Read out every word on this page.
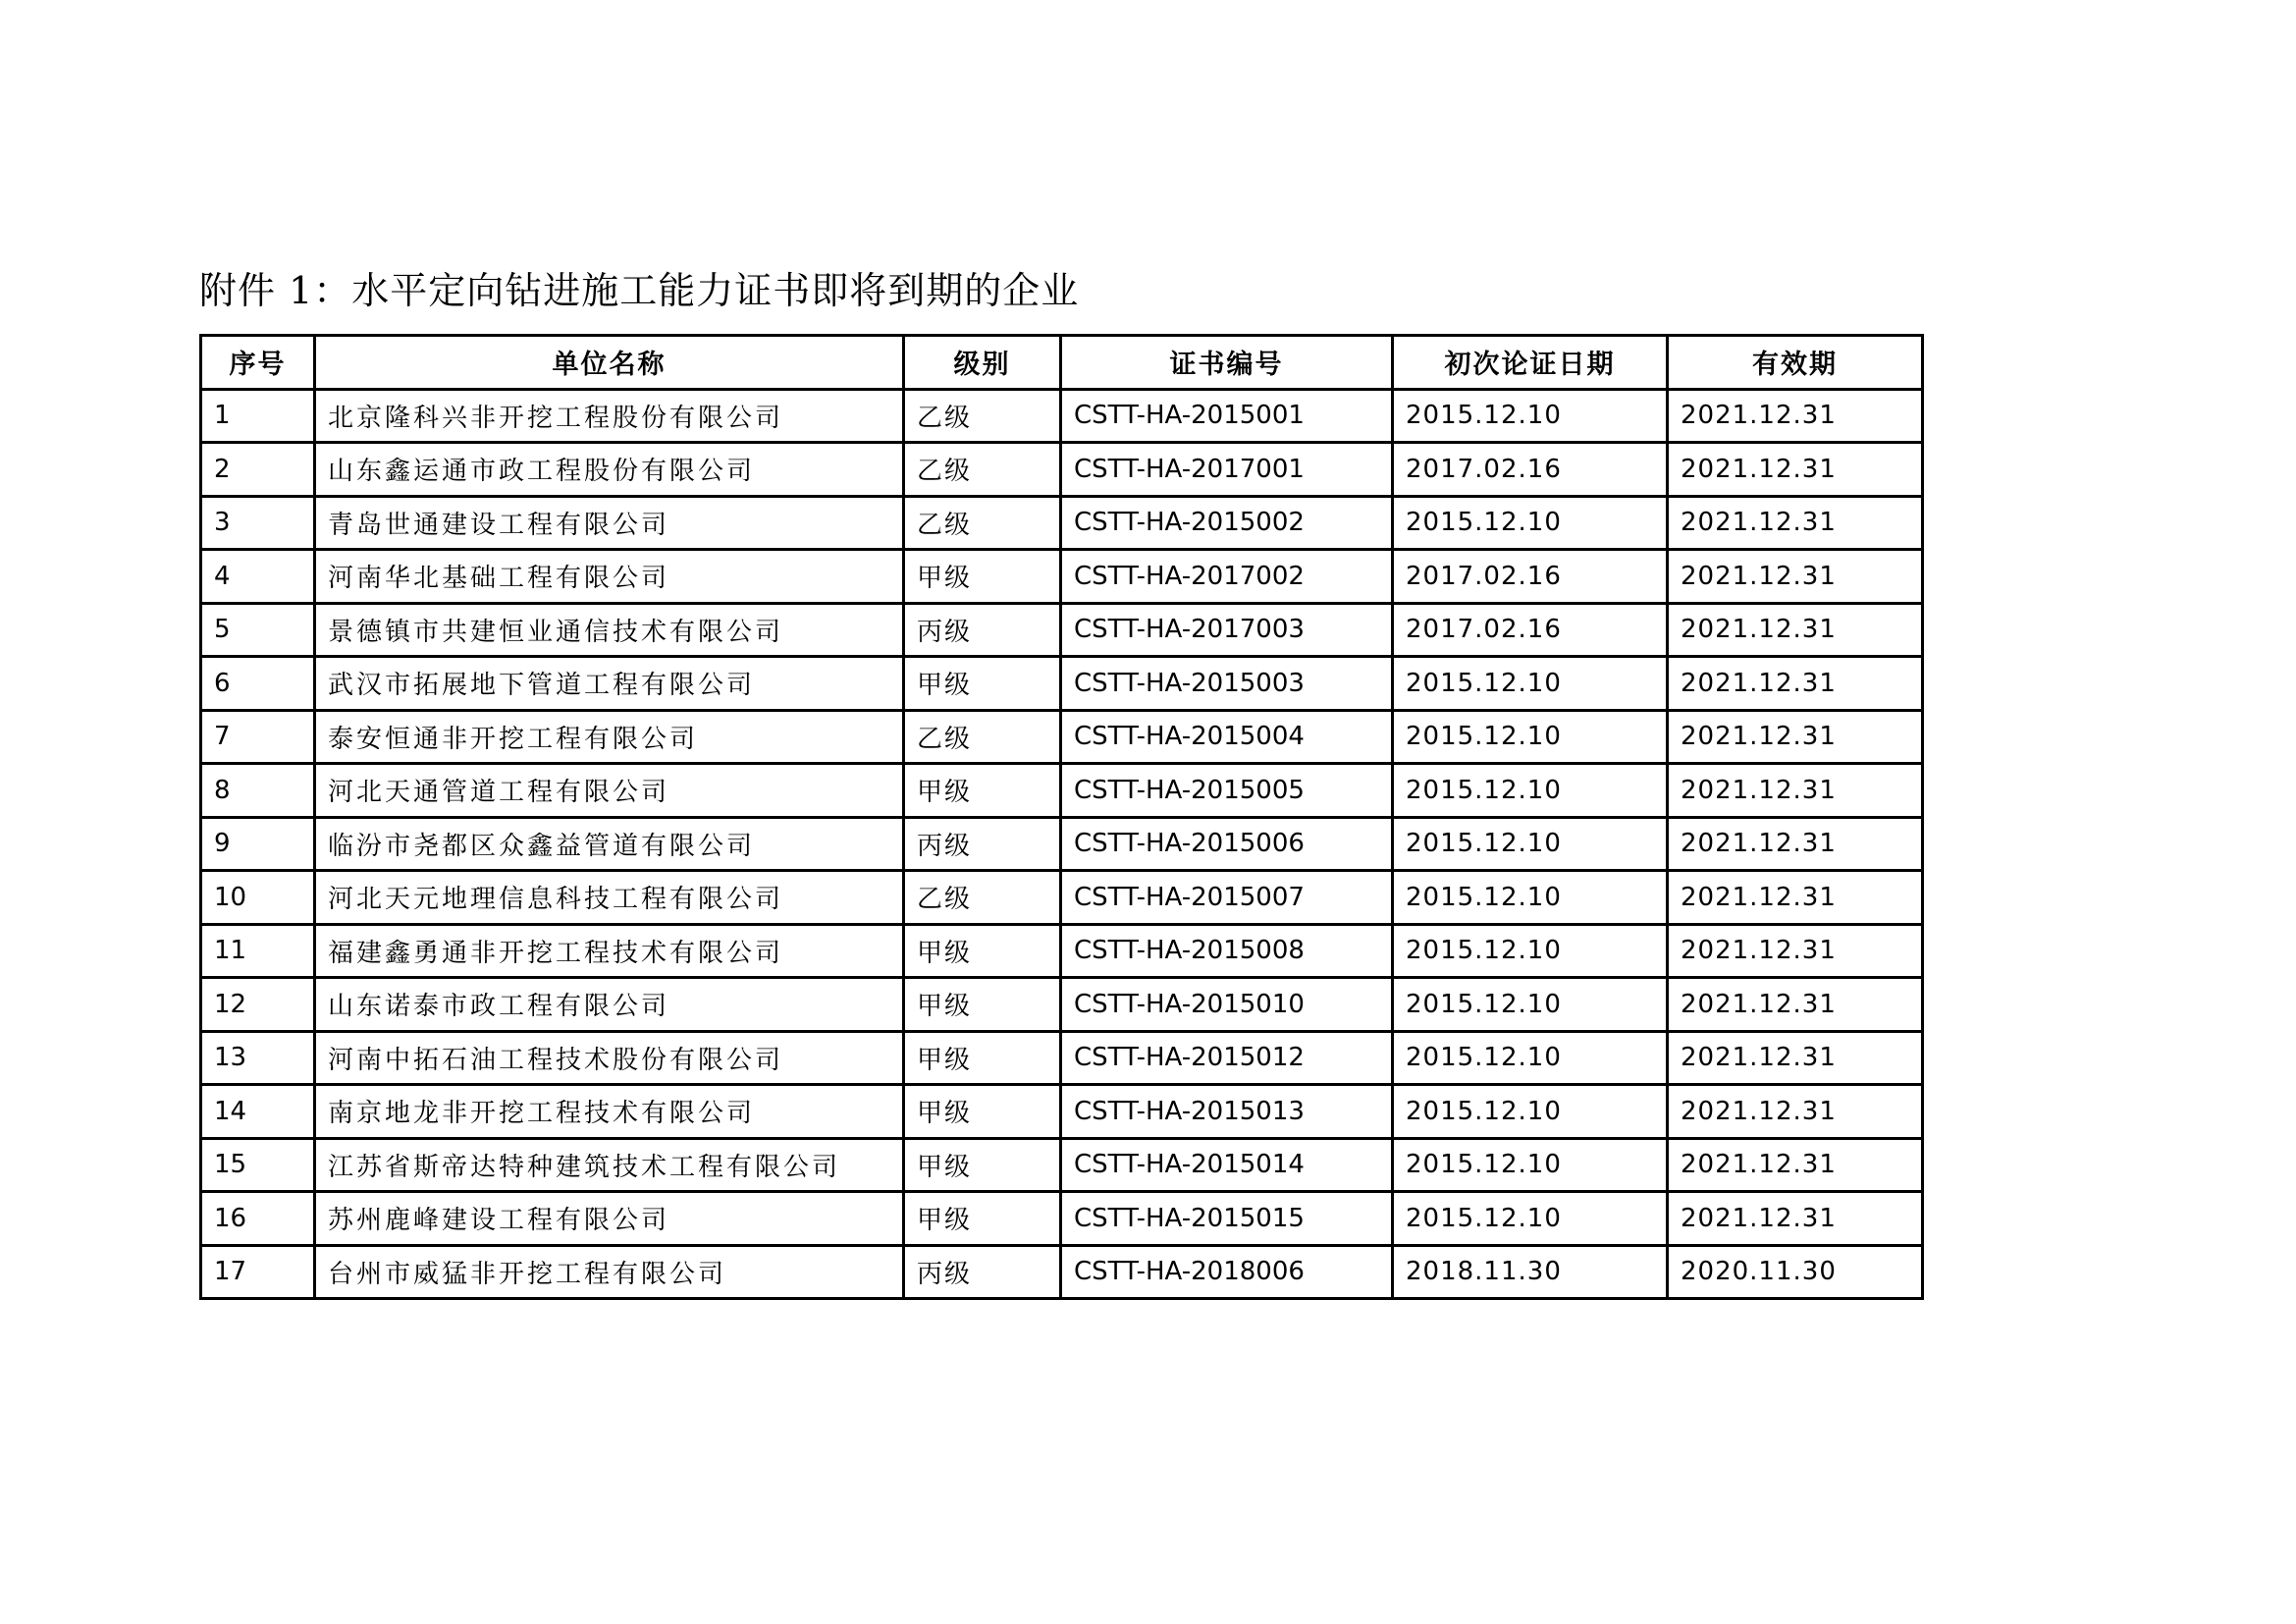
附件 1：水平定向钻进施工能力证书即将到期的企业
序号	单位名称	级别	证书编号	初次论证日期	有效期
1	北京隆科兴非开挖工程股份有限公司	乙级	CSTT-HA-2015001	2015.12.10	2021.12.31
2	山东鑫运通市政工程股份有限公司	乙级	CSTT-HA-2017001	2017.02.16	2021.12.31
3	青岛世通建设工程有限公司	乙级	CSTT-HA-2015002	2015.12.10	2021.12.31
4	河南华北基础工程有限公司	甲级	CSTT-HA-2017002	2017.02.16	2021.12.31
5	景德镇市共建恒业通信技术有限公司	丙级	CSTT-HA-2017003	2017.02.16	2021.12.31
6	武汉市拓展地下管道工程有限公司	甲级	CSTT-HA-2015003	2015.12.10	2021.12.31
7	泰安恒通非开挖工程有限公司	乙级	CSTT-HA-2015004	2015.12.10	2021.12.31
8	河北天通管道工程有限公司	甲级	CSTT-HA-2015005	2015.12.10	2021.12.31
9	临汾市尧都区众鑫益管道有限公司	丙级	CSTT-HA-2015006	2015.12.10	2021.12.31
10	河北天元地理信息科技工程有限公司	乙级	CSTT-HA-2015007	2015.12.10	2021.12.31
11	福建鑫勇通非开挖工程技术有限公司	甲级	CSTT-HA-2015008	2015.12.10	2021.12.31
12	山东诺泰市政工程有限公司	甲级	CSTT-HA-2015010	2015.12.10	2021.12.31
13	河南中拓石油工程技术股份有限公司	甲级	CSTT-HA-2015012	2015.12.10	2021.12.31
14	南京地龙非开挖工程技术有限公司	甲级	CSTT-HA-2015013	2015.12.10	2021.12.31
15	江苏省斯帝达特种建筑技术工程有限公司	甲级	CSTT-HA-2015014	2015.12.10	2021.12.31
16	苏州鹿峰建设工程有限公司	甲级	CSTT-HA-2015015	2015.12.10	2021.12.31
17	台州市威猛非开挖工程有限公司	丙级	CSTT-HA-2018006	2018.11.30	2020.11.30
